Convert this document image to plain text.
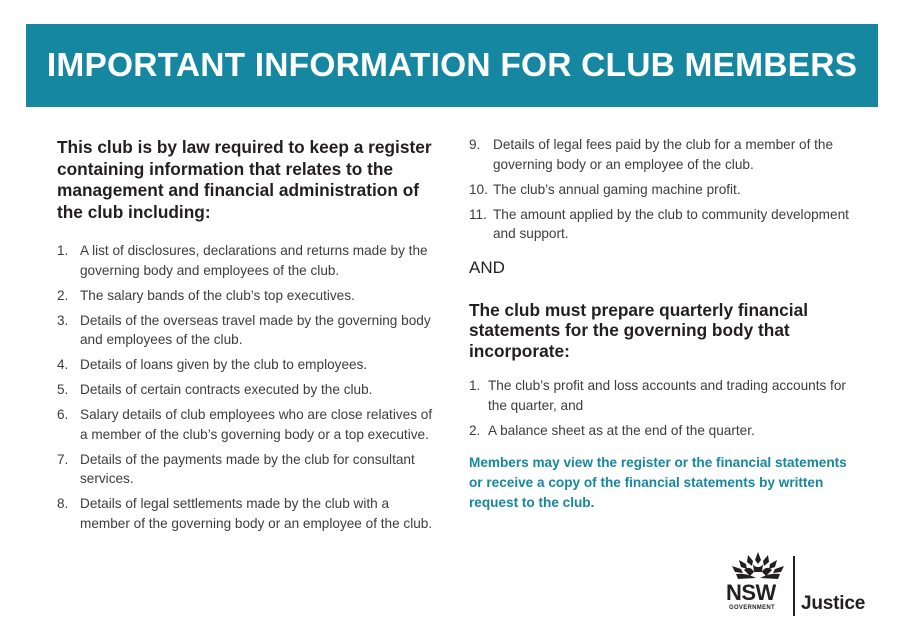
IMPORTANT INFORMATION FOR CLUB MEMBERS

This club is by law required to keep a register containing information that relates to the management and financial administration of the club including:

1. A list of disclosures, declarations and returns made by the governing body and employees of the club.
2. The salary bands of the club’s top executives.
3. Details of the overseas travel made by the governing body and employees of the club.
4. Details of loans given by the club to employees.
5. Details of certain contracts executed by the club.
6. Salary details of club employees who are close relatives of a member of the club’s governing body or a top executive.
7. Details of the payments made by the club for consultant services.
8. Details of legal settlements made by the club with a member of the governing body or an employee of the club.
9. Details of legal fees paid by the club for a member of the governing body or an employee of the club.
10. The club’s annual gaming machine profit.
11. The amount applied by the club to community development and support.

AND

The club must prepare quarterly financial statements for the governing body that incorporate:

1. The club’s profit and loss accounts and trading accounts for the quarter, and
2. A balance sheet as at the end of the quarter.

Members may view the register or the financial statements or receive a copy of the financial statements by written request to the club.

NSW
GOVERNMENT Justice
